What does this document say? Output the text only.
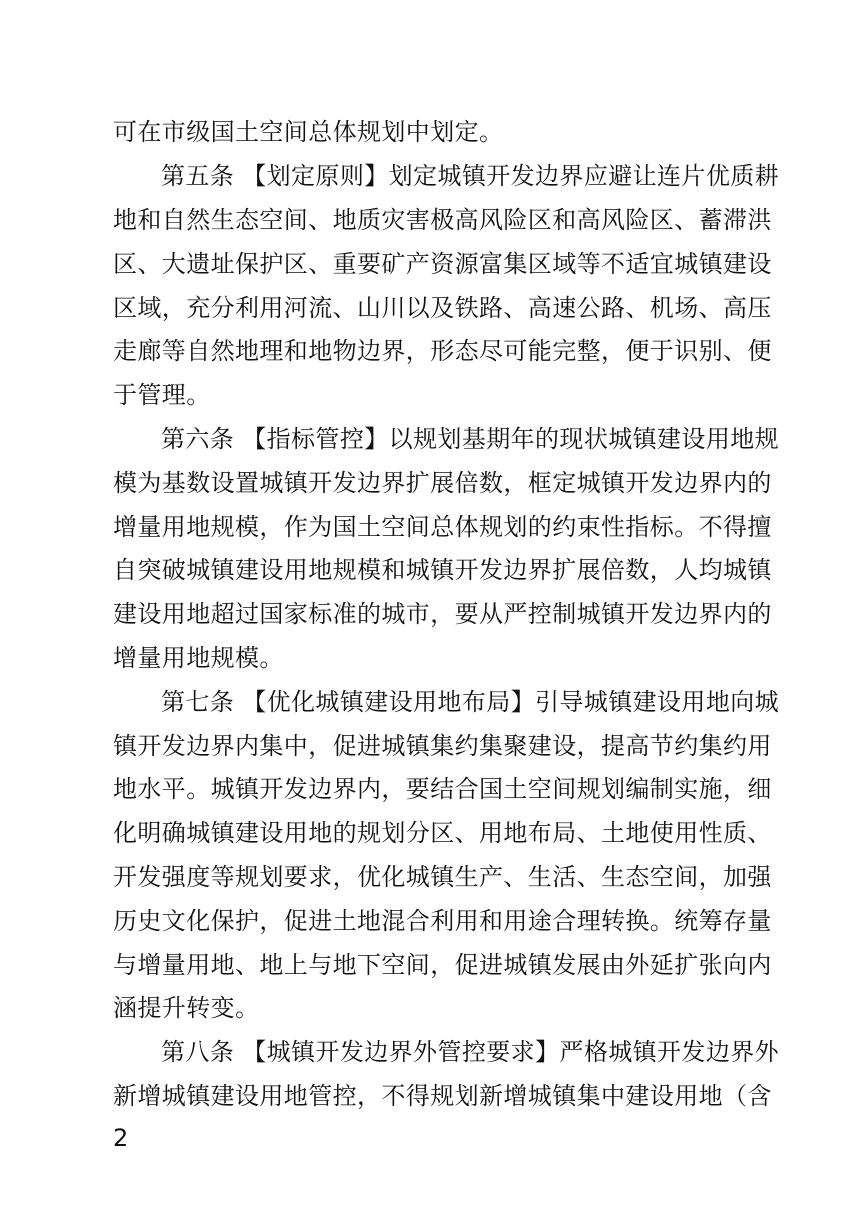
可在市级国土空间总体规划中划定。
第五条 【划定原则】划定城镇开发边界应避让连片优质耕
地和自然生态空间、地质灾害极高风险区和高风险区、蓄滞洪
区、大遗址保护区、重要矿产资源富集区域等不适宜城镇建设
区域，充分利用河流、山川以及铁路、高速公路、机场、高压
走廊等自然地理和地物边界，形态尽可能完整，便于识别、便
于管理。
第六条 【指标管控】以规划基期年的现状城镇建设用地规
模为基数设置城镇开发边界扩展倍数，框定城镇开发边界内的
增量用地规模，作为国土空间总体规划的约束性指标。不得擅
自突破城镇建设用地规模和城镇开发边界扩展倍数，人均城镇
建设用地超过国家标准的城市，要从严控制城镇开发边界内的
增量用地规模。
第七条 【优化城镇建设用地布局】引导城镇建设用地向城
镇开发边界内集中，促进城镇集约集聚建设，提高节约集约用
地水平。城镇开发边界内，要结合国土空间规划编制实施，细
化明确城镇建设用地的规划分区、用地布局、土地使用性质、
开发强度等规划要求，优化城镇生产、生活、生态空间，加强
历史文化保护，促进土地混合利用和用途合理转换。统筹存量
与增量用地、地上与地下空间，促进城镇发展由外延扩张向内
涵提升转变。
第八条 【城镇开发边界外管控要求】严格城镇开发边界外
新增城镇建设用地管控，不得规划新增城镇集中建设用地（含
2
